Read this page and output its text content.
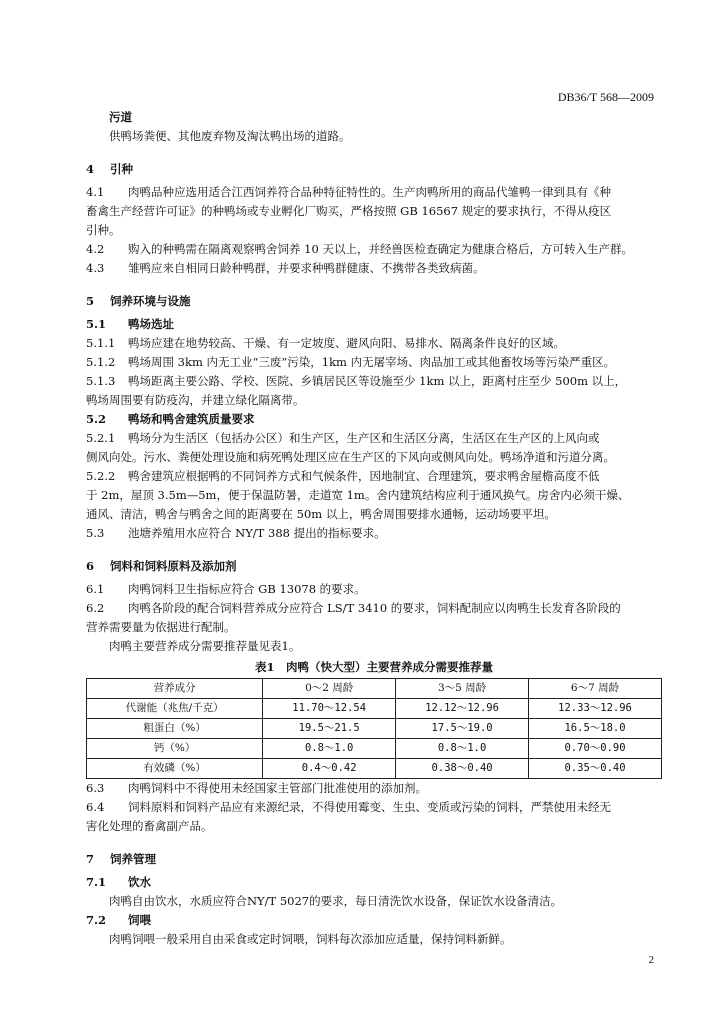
DB36/T 568—2009
污道
供鸭场粪便、其他废弃物及淘汰鸭出场的道路。
4 引种
4.1 肉鸭品种应选用适合江西饲养符合品种特征特性的。生产肉鸭所用的商品代雏鸭一律到具有《种
畜禽生产经营许可证》的种鸭场或专业孵化厂购买，严格按照 GB 16567 规定的要求执行，不得从疫区
引种。
4.2 购入的种鸭需在隔离观察鸭舍饲养 10 天以上，并经兽医检查确定为健康合格后，方可转入生产群。
4.3 雏鸭应来自相同日龄种鸭群，并要求种鸭群健康、不携带各类致病菌。
5 饲养环境与设施
5.1 鸭场选址
5.1.1 鸭场应建在地势较高、干燥、有一定坡度、避风向阳、易排水、隔离条件良好的区域。
5.1.2 鸭场周围 3km 内无工业“三废”污染，1km 内无屠宰场、肉品加工或其他畜牧场等污染严重区。
5.1.3 鸭场距离主要公路、学校、医院、乡镇居民区等设施至少 1km 以上，距离村庄至少 500m 以上，
鸭场周围要有防疫沟，并建立绿化隔离带。
5.2 鸭场和鸭舍建筑质量要求
5.2.1 鸭场分为生活区（包括办公区）和生产区，生产区和生活区分离，生活区在生产区的上风向或
侧风向处。污水、粪便处理设施和病死鸭处理区应在生产区的下风向或侧风向处。鸭场净道和污道分离。
5.2.2 鸭舍建筑应根据鸭的不同饲养方式和气候条件，因地制宜、合理建筑，要求鸭舍屋檐高度不低
于 2m，屋顶 3.5m—5m，便于保温防暑，走道宽 1m。舍内建筑结构应利于通风换气。房舍内必须干燥、
通风、清洁，鸭舍与鸭舍之间的距离要在 50m 以上，鸭舍周围要排水通畅，运动场要平坦。
5.3 池塘养殖用水应符合 NY/T 388 提出的指标要求。
6 饲料和饲料原料及添加剂
6.1 肉鸭饲料卫生指标应符合 GB 13078 的要求。
6.2 肉鸭各阶段的配合饲料营养成分应符合 LS/T 3410 的要求，饲料配制应以肉鸭生长发育各阶段的
营养需要量为依据进行配制。
肉鸭主要营养成分需要推荐量见表1。
表1　肉鸭（快大型）主要营养成分需要推荐量
营养成分	0～2 周龄	3～5 周龄	6～7 周龄
代谢能（兆焦/千克）	11.70～12.54	12.12～12.96	12.33～12.96
粗蛋白（%）	19.5～21.5	17.5～19.0	16.5～18.0
钙（%）	0.8～1.0	0.8～1.0	0.70～0.90
有效磷（%）	0.4～0.42	0.38～0.40	0.35～0.40
6.3 肉鸭饲料中不得使用未经国家主管部门批准使用的添加剂。
6.4 饲料原料和饲料产品应有来源纪录，不得使用霉变、生虫、变质或污染的饲料，严禁使用未经无
害化处理的畜禽副产品。
7 饲养管理
7.1 饮水
肉鸭自由饮水，水质应符合NY/T 5027的要求，每日清洗饮水设备，保证饮水设备清洁。
7.2 饲喂
肉鸭饲喂一般采用自由采食或定时饲喂，饲料每次添加应适量，保持饲料新鲜。
2
